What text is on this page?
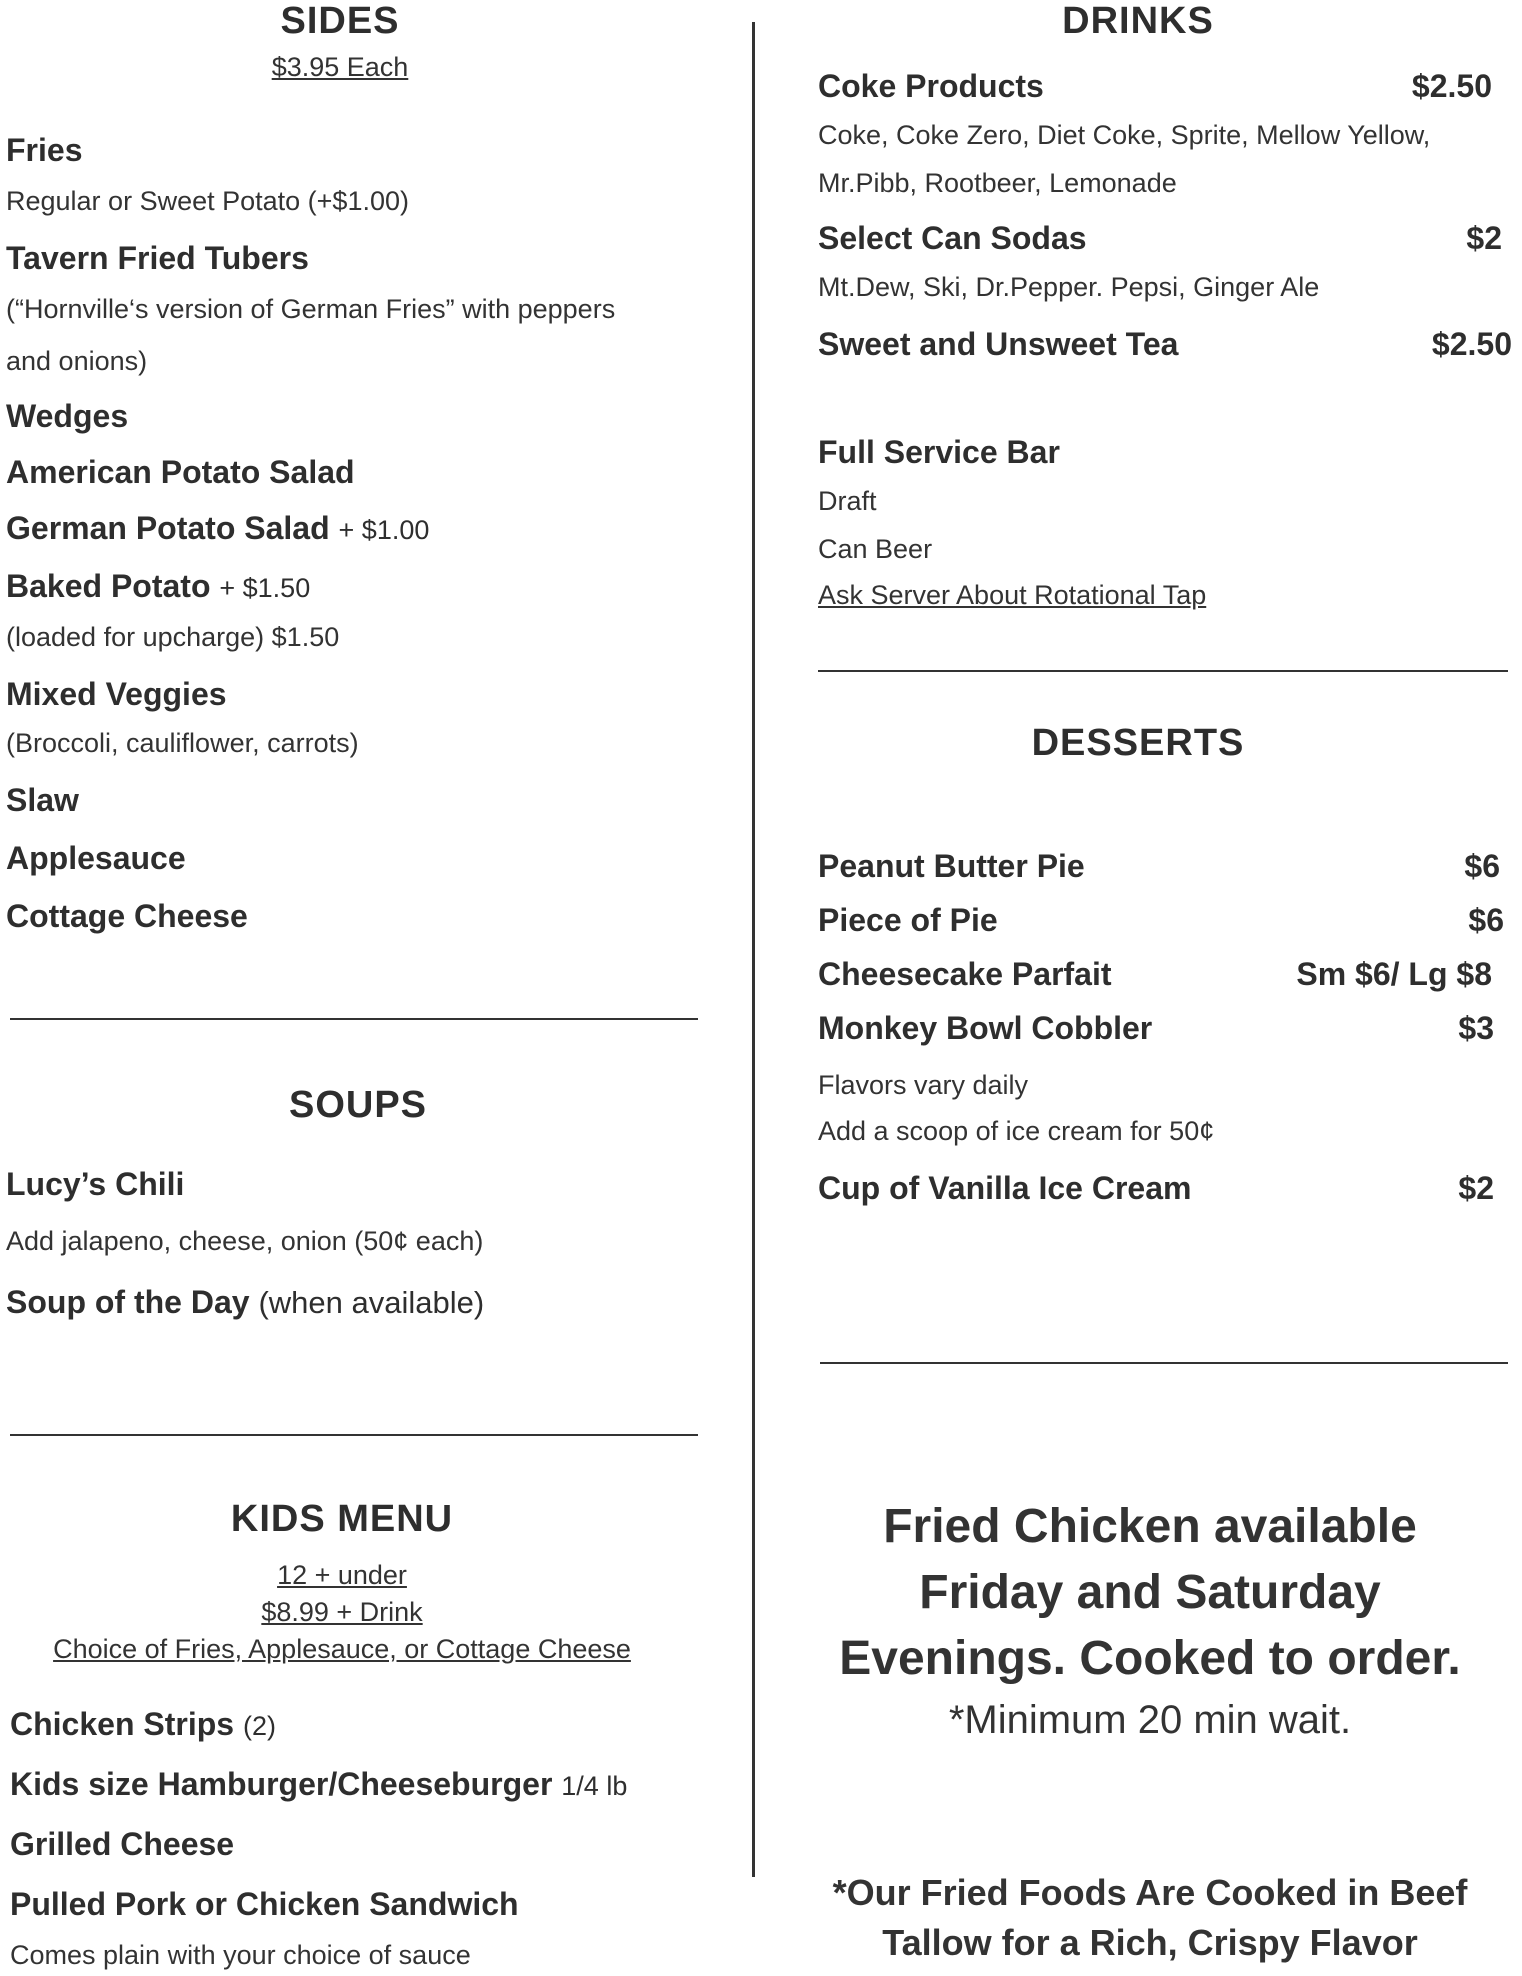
SIDES
$3.95 Each
Fries
Regular or Sweet Potato (+$1.00)
Tavern Fried Tubers
(“Hornville‘s version of German Fries” with peppers
and onions)
Wedges
American Potato Salad
German Potato Salad + $1.00
Baked Potato + $1.50
(loaded for upcharge) $1.50
Mixed Veggies
(Broccoli, cauliflower, carrots)
Slaw
Applesauce
Cottage Cheese
SOUPS
Lucy’s Chili
Add jalapeno, cheese, onion (50¢ each)
Soup of the Day (when available)
KIDS MENU
12 + under
$8.99 + Drink
Choice of Fries, Applesauce, or Cottage Cheese
Chicken Strips (2)
Kids size Hamburger/Cheeseburger 1/4 lb
Grilled Cheese
Pulled Pork or Chicken Sandwich
Comes plain with your choice of sauce
DRINKS
Coke Products	$2.50
Coke, Coke Zero, Diet Coke, Sprite, Mellow Yellow,
Mr.Pibb, Rootbeer, Lemonade
Select Can Sodas	$2
Mt.Dew, Ski, Dr.Pepper. Pepsi, Ginger Ale
Sweet and Unsweet Tea	$2.50
Full Service Bar
Draft
Can Beer
Ask Server About Rotational Tap
DESSERTS
Peanut Butter Pie	$6
Piece of Pie	$6
Cheesecake Parfait	Sm $6/ Lg $8
Monkey Bowl Cobbler	$3
Flavors vary daily
Add a scoop of ice cream for 50¢
Cup of Vanilla Ice Cream	$2
Fried Chicken available
Friday and Saturday
Evenings. Cooked to order.
*Minimum 20 min wait.
*Our Fried Foods Are Cooked in Beef
Tallow for a Rich, Crispy Flavor
